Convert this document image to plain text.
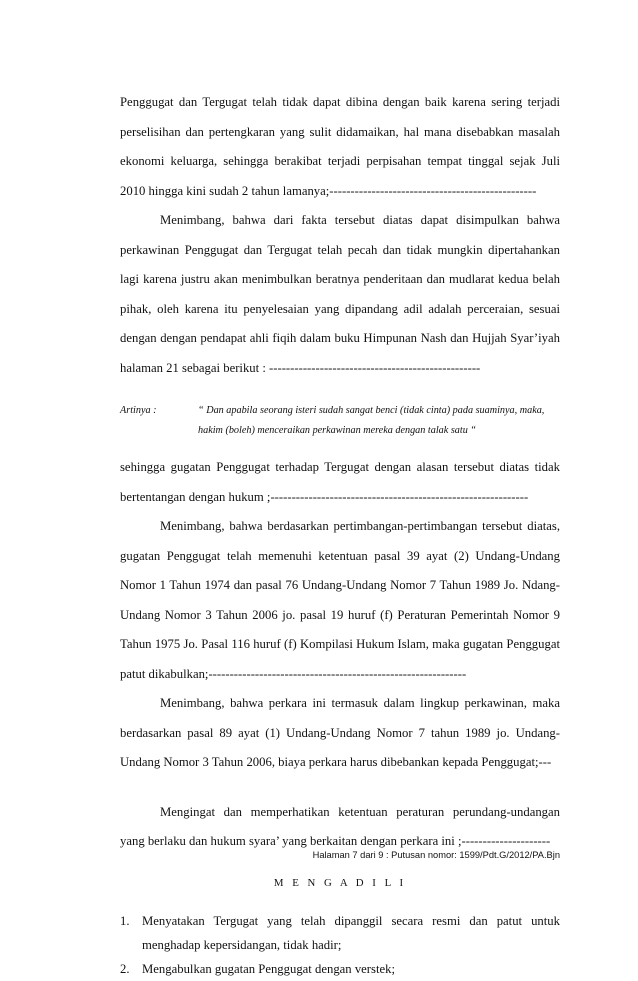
Penggugat dan Tergugat telah tidak dapat dibina dengan baik karena sering terjadi perselisihan dan pertengkaran yang sulit didamaikan, hal mana disebabkan masalah ekonomi keluarga, sehingga berakibat terjadi perpisahan tempat tinggal sejak Juli 2010 hingga kini sudah 2 tahun lamanya;-------------------------------------------------

Menimbang, bahwa dari fakta tersebut diatas dapat disimpulkan bahwa perkawinan Penggugat dan Tergugat telah pecah dan tidak mungkin dipertahankan lagi karena justru akan menimbulkan beratnya penderitaan dan mudlarat kedua belah pihak, oleh karena itu penyelesaian yang dipandang adil adalah perceraian, sesuai dengan dengan pendapat ahli fiqih dalam buku Himpunan Nash dan Hujjah Syar’iyah halaman 21 sebagai berikut : --------------------------------------------------

Artinya :	“ Dan apabila seorang isteri sudah sangat benci (tidak cinta) pada suaminya, maka, hakim (boleh) menceraikan perkawinan mereka dengan talak satu “

sehingga gugatan Penggugat terhadap Tergugat dengan alasan tersebut diatas tidak bertentangan dengan hukum ;-------------------------------------------------------------

Menimbang, bahwa berdasarkan pertimbangan-pertimbangan tersebut diatas, gugatan Penggugat telah memenuhi ketentuan pasal 39 ayat (2) Undang-Undang Nomor 1 Tahun 1974 dan pasal 76 Undang-Undang Nomor 7 Tahun 1989 Jo. Ndang-Undang Nomor 3 Tahun 2006 jo. pasal 19 huruf (f) Peraturan Pemerintah Nomor 9 Tahun 1975 Jo. Pasal 116 huruf (f) Kompilasi Hukum Islam, maka gugatan Penggugat patut dikabulkan;-------------------------------------------------------------

Menimbang, bahwa perkara ini termasuk dalam lingkup perkawinan, maka berdasarkan pasal 89 ayat (1) Undang-Undang Nomor 7 tahun 1989 jo. Undang-Undang Nomor 3 Tahun 2006, biaya perkara harus dibebankan kepada Penggugat;---

Mengingat dan memperhatikan ketentuan peraturan perundang-undangan yang berlaku dan hukum syara’ yang berkaitan dengan perkara ini ;---------------------

M E N G A D I L I
1. Menyatakan Tergugat yang telah dipanggil secara resmi dan patut untuk menghadap kepersidangan, tidak hadir;
2. Mengabulkan gugatan Penggugat dengan verstek;
Halaman 7 dari 9 : Putusan nomor: 1599/Pdt.G/2012/PA.Bjn
